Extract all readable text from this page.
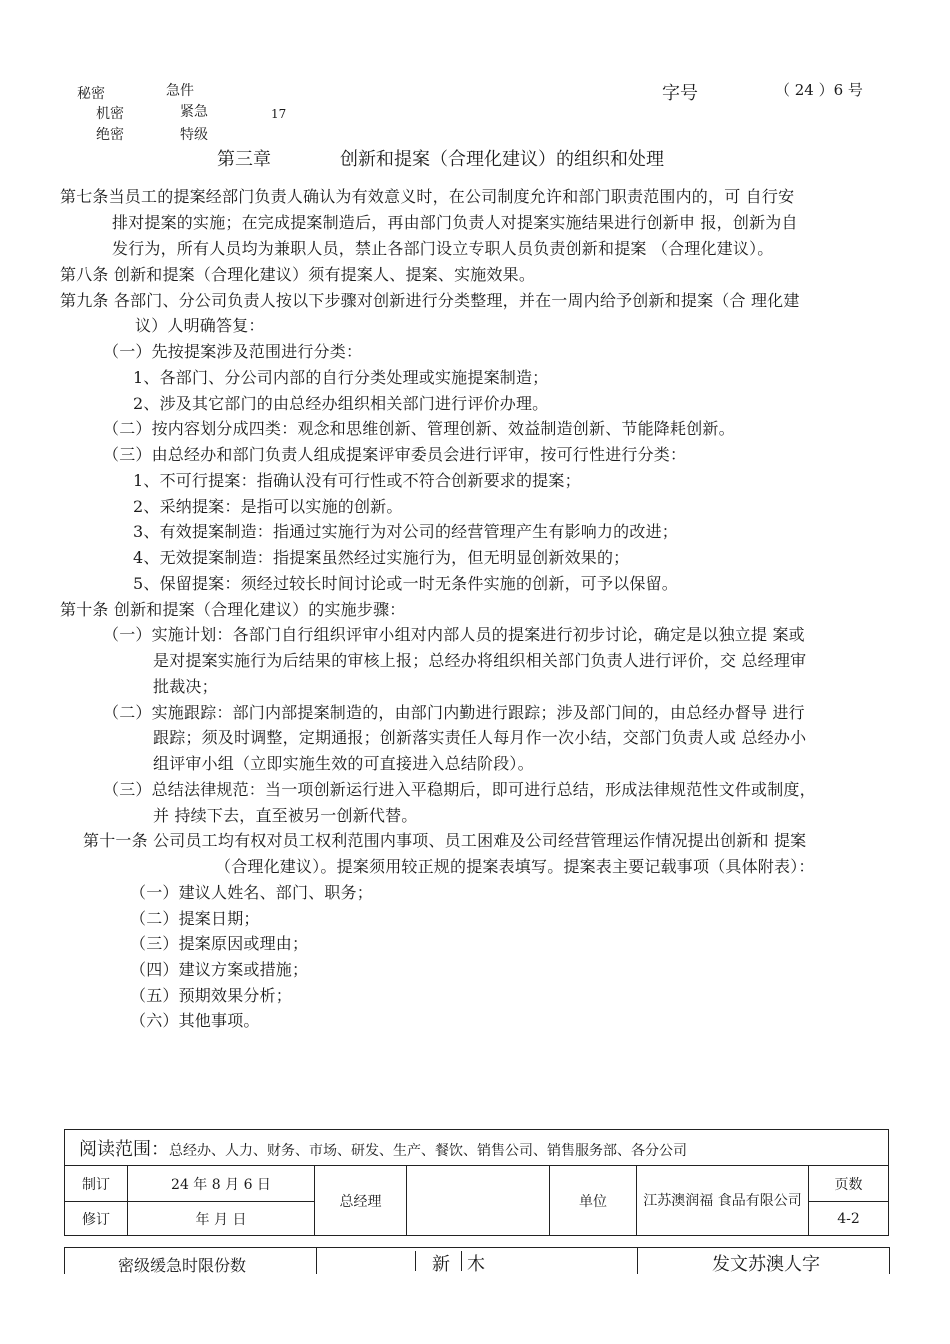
秘密
机密
绝密
急件
紧急
特级
17
字号	（ 24 ）6 号
第三章	创新和提案（合理化建议）的组织和处理

第七条当员工的提案经部门负责人确认为有效意义时，在公司制度允许和部门职责范围内的，可 自行安

排对提案的实施；在完成提案制造后，再由部门负责人对提案实施结果进行创新申 报，创新为自

发行为，所有人员均为兼职人员，禁止各部门设立专职人员负责创新和提案 （合理化建议）。

第八条 创新和提案（合理化建议）须有提案人、提案、实施效果。

第九条 各部门、分公司负责人按以下步骤对创新进行分类整理，并在一周内给予创新和提案（合 理化建

议）人明确答复：

（一）先按提案涉及范围进行分类：

1、各部门、分公司内部的自行分类处理或实施提案制造；

2、涉及其它部门的由总经办组织相关部门进行评价办理。

（二）按内容划分成四类：观念和思维创新、管理创新、效益制造创新、节能降耗创新。

（三）由总经办和部门负责人组成提案评审委员会进行评审，按可行性进行分类：

1、不可行提案：指确认没有可行性或不符合创新要求的提案；

2、采纳提案：是指可以实施的创新。

3、有效提案制造：指通过实施行为对公司的经营管理产生有影响力的改进；

4、无效提案制造：指提案虽然经过实施行为，但无明显创新效果的；

5、保留提案：须经过较长时间讨论或一时无条件实施的创新，可予以保留。

第十条 创新和提案（合理化建议）的实施步骤：

（一）实施计划：各部门自行组织评审小组对内部人员的提案进行初步讨论，确定是以独立提 案或

是对提案实施行为后结果的审核上报；总经办将组织相关部门负责人进行评价，交 总经理审

批裁决；

（二）实施跟踪：部门内部提案制造的，由部门内勤进行跟踪；涉及部门间的，由总经办督导 进行

跟踪；须及时调整，定期通报；创新落实责任人每月作一次小结，交部门负责人或 总经办小

组评审小组（立即实施生效的可直接进入总结阶段）。

（三）总结法律规范：当一项创新运行进入平稳期后，即可进行总结，形成法律规范性文件或制度，

并 持续下去，直至被另一创新代替。

第十一条 公司员工均有权对员工权利范围内事项、员工困难及公司经营管理运作情况提出创新和 提案

（合理化建议）。提案须用较正规的提案表填写。提案表主要记载事项（具体附表）：

（一）建议人姓名、部门、职务；

（二）提案日期；

（三）提案原因或理由；

（四）建议方案或措施；

（五）预期效果分析；

（六）其他事项。

阅读范围：总经办、人力、财务、市场、研发、生产、餐饮、销售公司、销售服务部、各分公司						
制订	24 年 8 月 6 日	总经理		单位	江苏澳润福 食品有限公司	页数
修订	年 月 日					4-2
密级缓急时限份数	新 木	发文苏澳人字
